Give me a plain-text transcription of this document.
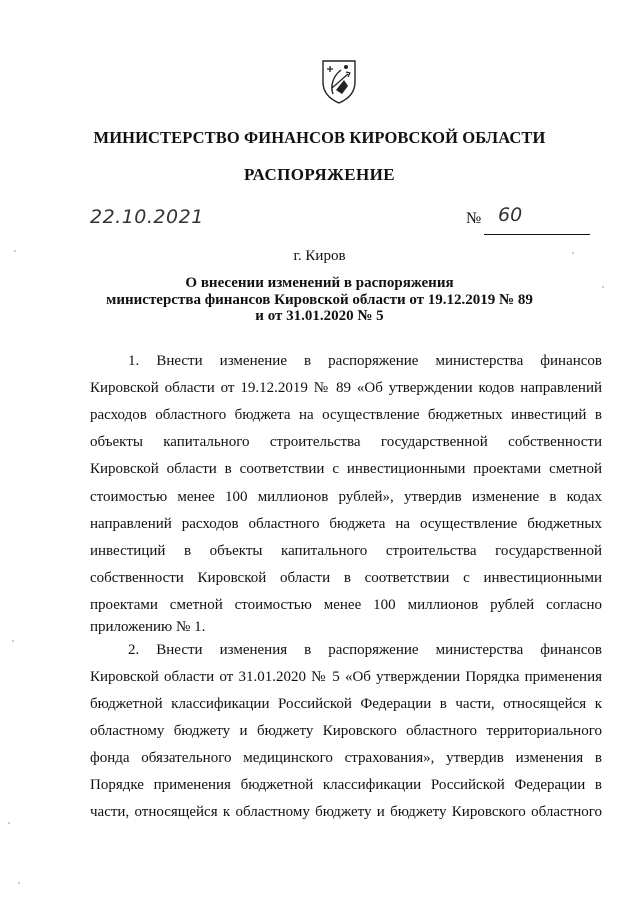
МИНИСТЕРСТВО ФИНАНСОВ КИРОВСКОЙ ОБЛАСТИ
РАСПОРЯЖЕНИЕ
22.10.2021	№ 60
г. Киров
О внесении изменений в распоряжения
министерства финансов Кировской области от 19.12.2019 № 89
и от 31.01.2020 № 5
1. Внести изменение в распоряжение министерства финансов
Кировской области от 19.12.2019 № 89 «Об утверждении кодов направлений
расходов областного бюджета на осуществление бюджетных инвестиций в
объекты капитального строительства государственной собственности
Кировской области в соответствии с инвестиционными проектами сметной
стоимостью менее 100 миллионов рублей», утвердив изменение в кодах
направлений расходов областного бюджета на осуществление бюджетных
инвестиций в объекты капитального строительства государственной
собственности Кировской области в соответствии с инвестиционными
проектами сметной стоимостью менее 100 миллионов рублей согласно
приложению № 1.
2. Внести изменения в распоряжение министерства финансов
Кировской области от 31.01.2020 № 5 «Об утверждении Порядка применения
бюджетной классификации Российской Федерации в части, относящейся к
областному бюджету и бюджету Кировского областного территориального
фонда обязательного медицинского страхования», утвердив изменения в
Порядке применения бюджетной классификации Российской Федерации в
части, относящейся к областному бюджету и бюджету Кировского областного
